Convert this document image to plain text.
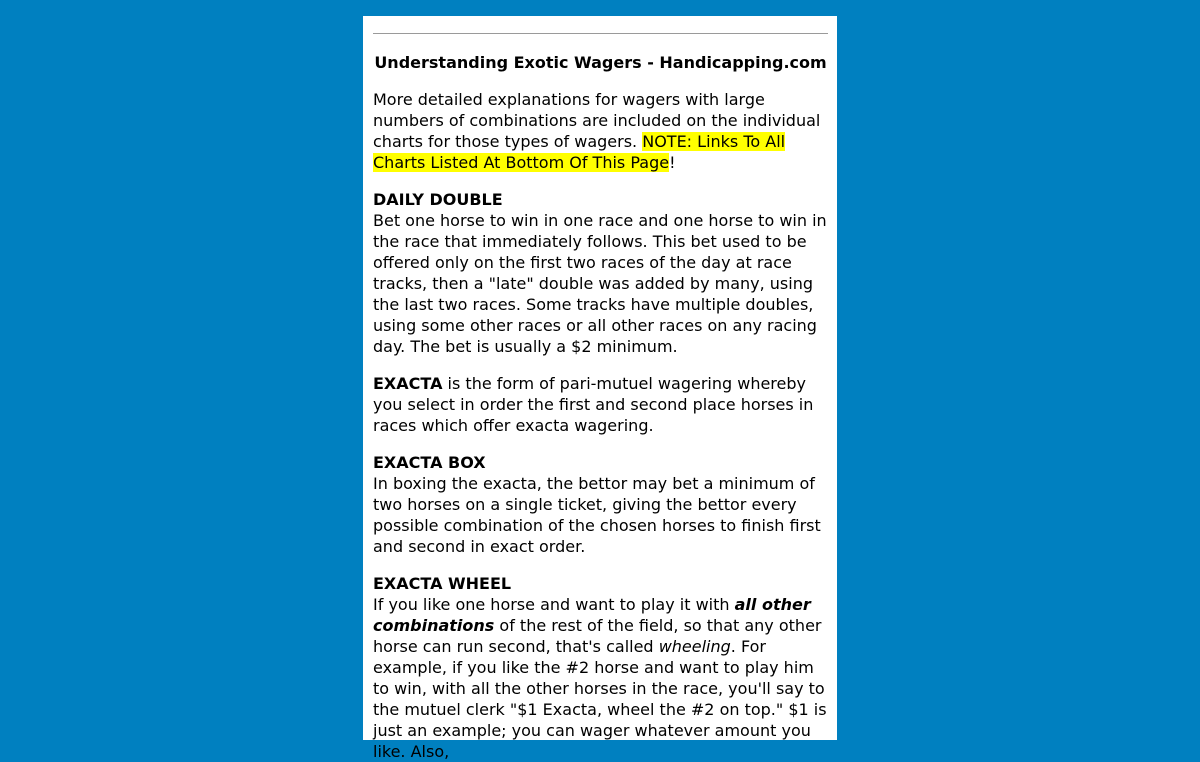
Understanding Exotic Wagers - Handicapping.com

More detailed explanations for wagers with large numbers of combinations are included on the individual charts for those types of wagers. NOTE: Links To All Charts Listed At Bottom Of This Page!

DAILY DOUBLE
Bet one horse to win in one race and one horse to win in the race that immediately follows. This bet used to be offered only on the first two races of the day at race tracks, then a "late" double was added by many, using the last two races. Some tracks have multiple doubles, using some other races or all other races on any racing day. The bet is usually a $2 minimum.

EXACTA is the form of pari-mutuel wagering whereby you select in order the first and second place horses in races which offer exacta wagering.

EXACTA BOX
In boxing the exacta, the bettor may bet a minimum of two horses on a single ticket, giving the bettor every possible combination of the chosen horses to finish first and second in exact order.

EXACTA WHEEL
If you like one horse and want to play it with all other combinations of the rest of the field, so that any other horse can run second, that's called wheeling. For example, if you like the #2 horse and want to play him to win, with all the other horses in the race, you'll say to the mutuel clerk "$1 Exacta, wheel the #2 on top." $1 is just an example; you can wager whatever amount you like. Also,
